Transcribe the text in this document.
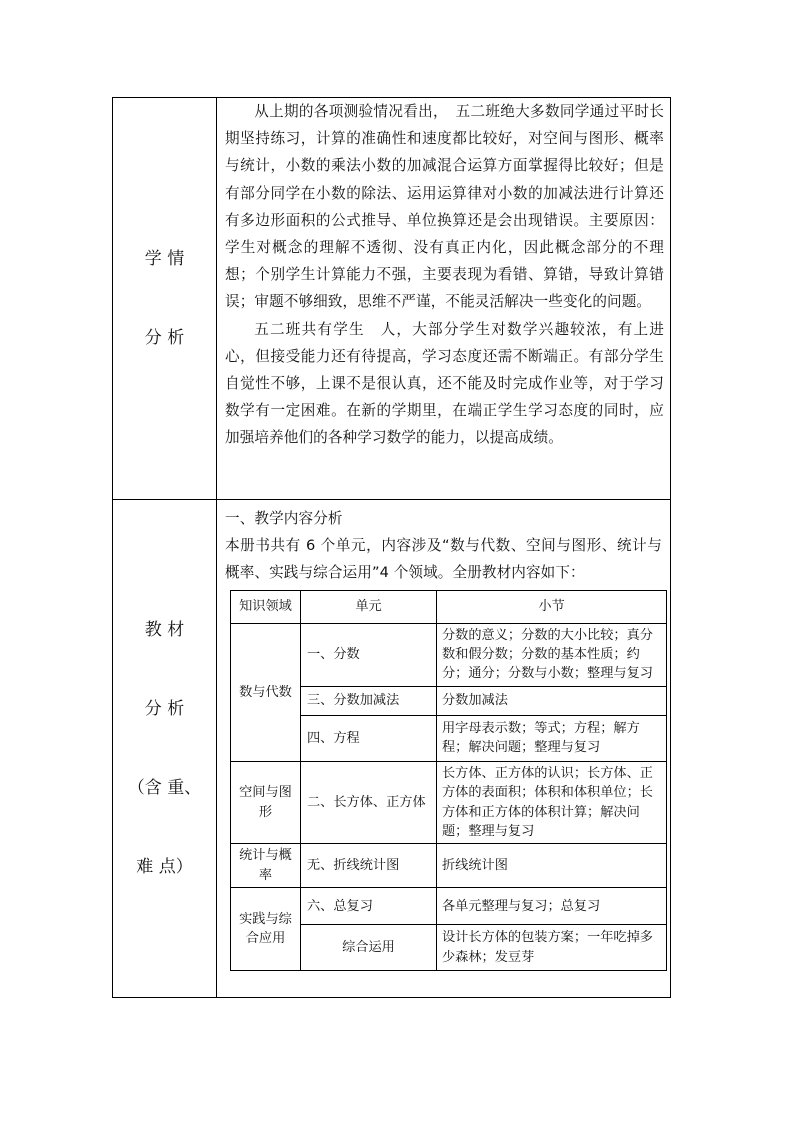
学 情
分 析

从上期的各项测验情况看出，　五二班绝大多数同学通过平时长期坚持练习，计算的准确性和速度都比较好，对空间与图形、概率与统计，小数的乘法小数的加减混合运算方面掌握得比较好；但是有部分同学在小数的除法、运用运算律对小数的加减法进行计算还有多边形面积的公式推导、单位换算还是会出现错误。主要原因：学生对概念的理解不透彻、没有真正内化，因此概念部分的不理想；个别学生计算能力不强，主要表现为看错、算错，导致计算错误；审题不够细致，思维不严谨，不能灵活解决一些变化的问题。

五二班共有学生　人，大部分学生对数学兴趣较浓，有上进心，但接受能力还有待提高，学习态度还需不断端正。有部分学生自觉性不够，上课不是很认真，还不能及时完成作业等，对于学习数学有一定困难。在新的学期里，在端正学生学习态度的同时，应加强培养他们的各种学习数学的能力，以提高成绩。

教 材
分 析
（含 重、
难 点）

一、教学内容分析

本册书共有 6 个单元，内容涉及“数与代数、空间与图形、统计与概率、实践与综合运用”4 个领域。全册教材内容如下：

知识领域	单元	小节
数与代数	一、分数	分数的意义；分数的大小比较；真分数和假分数；分数的基本性质；约分；通分；分数与小数；整理与复习
三、分数加减法	分数加减法
四、方程	用字母表示数；等式；方程；解方程；解决问题；整理与复习
空间与图形	二、长方体、正方体	长方体、正方体的认识；长方体、正方体的表面积；体积和体积单位；长方体和正方体的体积计算；解决问题；整理与复习
统计与概率	无、折线统计图	折线统计图
实践与综合应用	六、总复习	各单元整理与复习；总复习
综合运用	设计长方体的包装方案；一年吃掉多少森林；发豆芽
